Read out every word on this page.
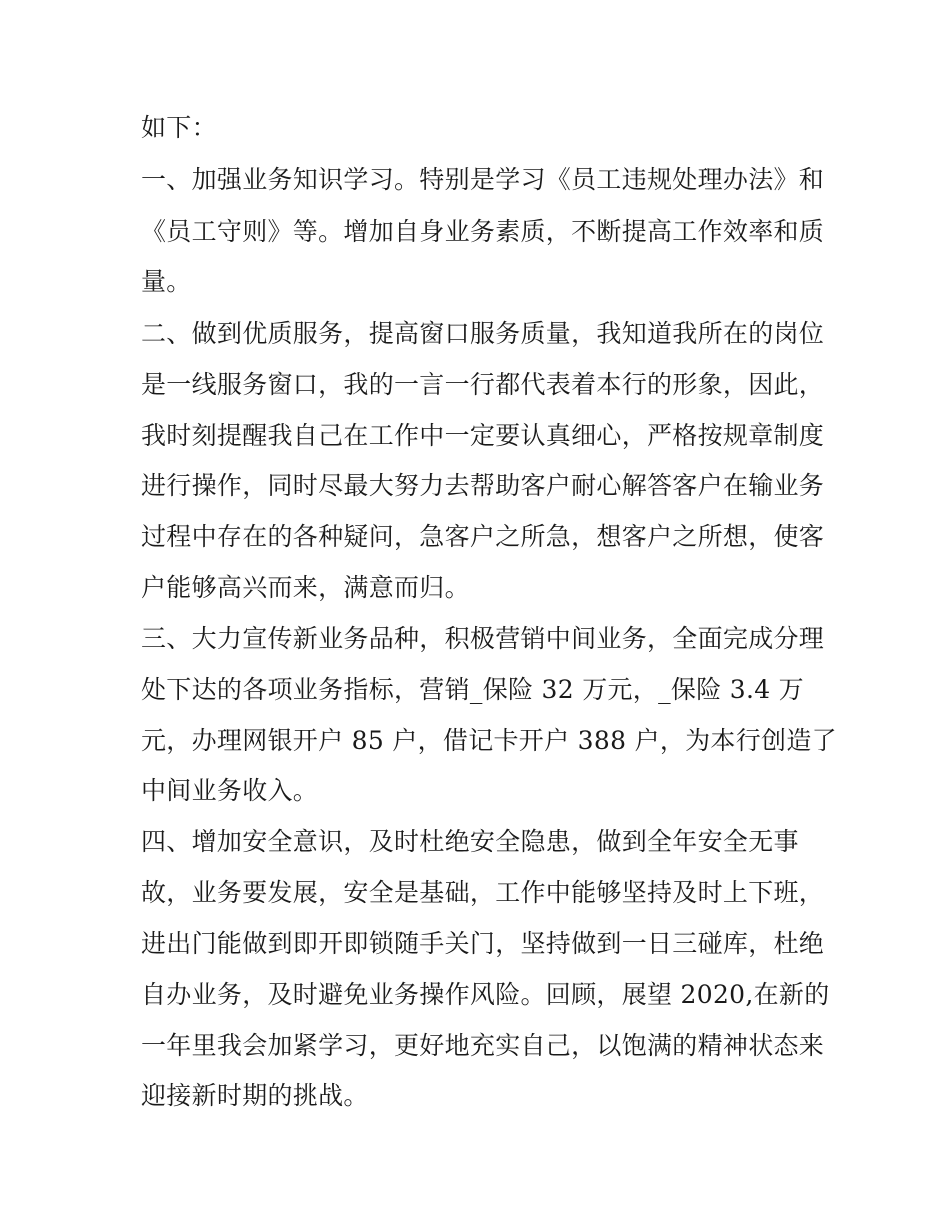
如下：

一、加强业务知识学习。特别是学习《员工违规处理办法》和

《员工守则》等。增加自身业务素质，不断提高工作效率和质

量。

二、做到优质服务，提高窗口服务质量，我知道我所在的岗位

是一线服务窗口，我的一言一行都代表着本行的形象，因此，

我时刻提醒我自己在工作中一定要认真细心，严格按规章制度

进行操作，同时尽最大努力去帮助客户耐心解答客户在输业务

过程中存在的各种疑问，急客户之所急，想客户之所想，使客

户能够高兴而来，满意而归。

三、大力宣传新业务品种，积极营销中间业务，全面完成分理

处下达的各项业务指标，营销_保险 32 万元，_保险 3.4 万

元，办理网银开户 85 户，借记卡开户 388 户，为本行创造了

中间业务收入。

四、增加安全意识，及时杜绝安全隐患，做到全年安全无事

故，业务要发展，安全是基础，工作中能够坚持及时上下班，

进出门能做到即开即锁随手关门，坚持做到一日三碰库，杜绝

自办业务，及时避免业务操作风险。回顾，展望 2020,在新的

一年里我会加紧学习，更好地充实自己，以饱满的精神状态来

迎接新时期的挑战。
